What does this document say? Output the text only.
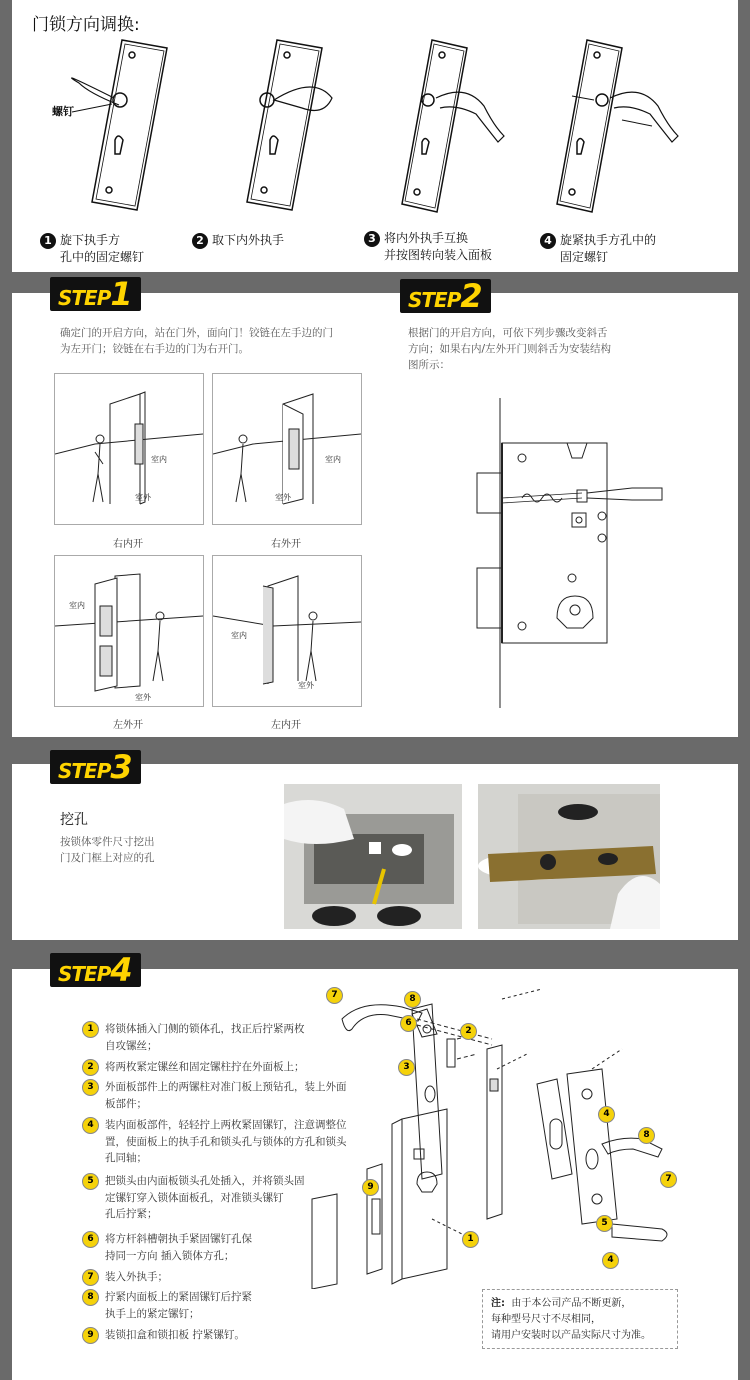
门锁方向调换:
螺钉
1 旋下执手方
孔中的固定螺钉
2 取下内外执手	3 将内外执手互换
并按图转向装入面板
4 旋紧执手方孔中的
固定螺钉
STEP1
确定门的开启方向，站在门外，面向门！铰链在左手边的门
为左开门；铰链在右手边的门为右开门。
室内
室外
右内开
室内
室外
右外开
室内
室外
左外开
室内
室外
左内开
STEP2
根据门的开启方向，可依下列步骤改变斜舌
方向；如果右内/左外开门则斜舌为安装结构
图所示：
STEP3
挖孔
按锁体零件尺寸挖出
门及门框上对应的孔
STEP4
1 将锁体插入门侧的锁体孔，找正后拧紧两枚
自攻镙丝；
2 将两枚紧定镙丝和固定镙柱拧在外面板上；
3 外面板部件上的两镙柱对准门板上预钻孔，装上外面
板部件；
4 装内面板部件，轻轻拧上两枚紧固镙钉，注意调整位
置，使面板上的执手孔和锁头孔与锁体的方孔和锁头
孔同轴；
5 把锁头由内面板锁头孔处插入，并将锁头固
定镙钉穿入锁体面板孔，对准锁头镙钉
孔后拧紧；
6 将方杆斜槽朝执手紧固镙钉孔保
持同一方向 插入锁体方孔；
7 装入外执手；
8 拧紧内面板上的紧固镙钉后拧紧
执手上的紧定镙钉；
9 装锁扣盒和锁扣板 拧紧镙钉。
7	8
6
2
3
4
8
7
9
5
4
1
注: 由于本公司产品不断更新，
每种型号尺寸不尽相同，
请用户安装时以产品实际尺寸为准。
